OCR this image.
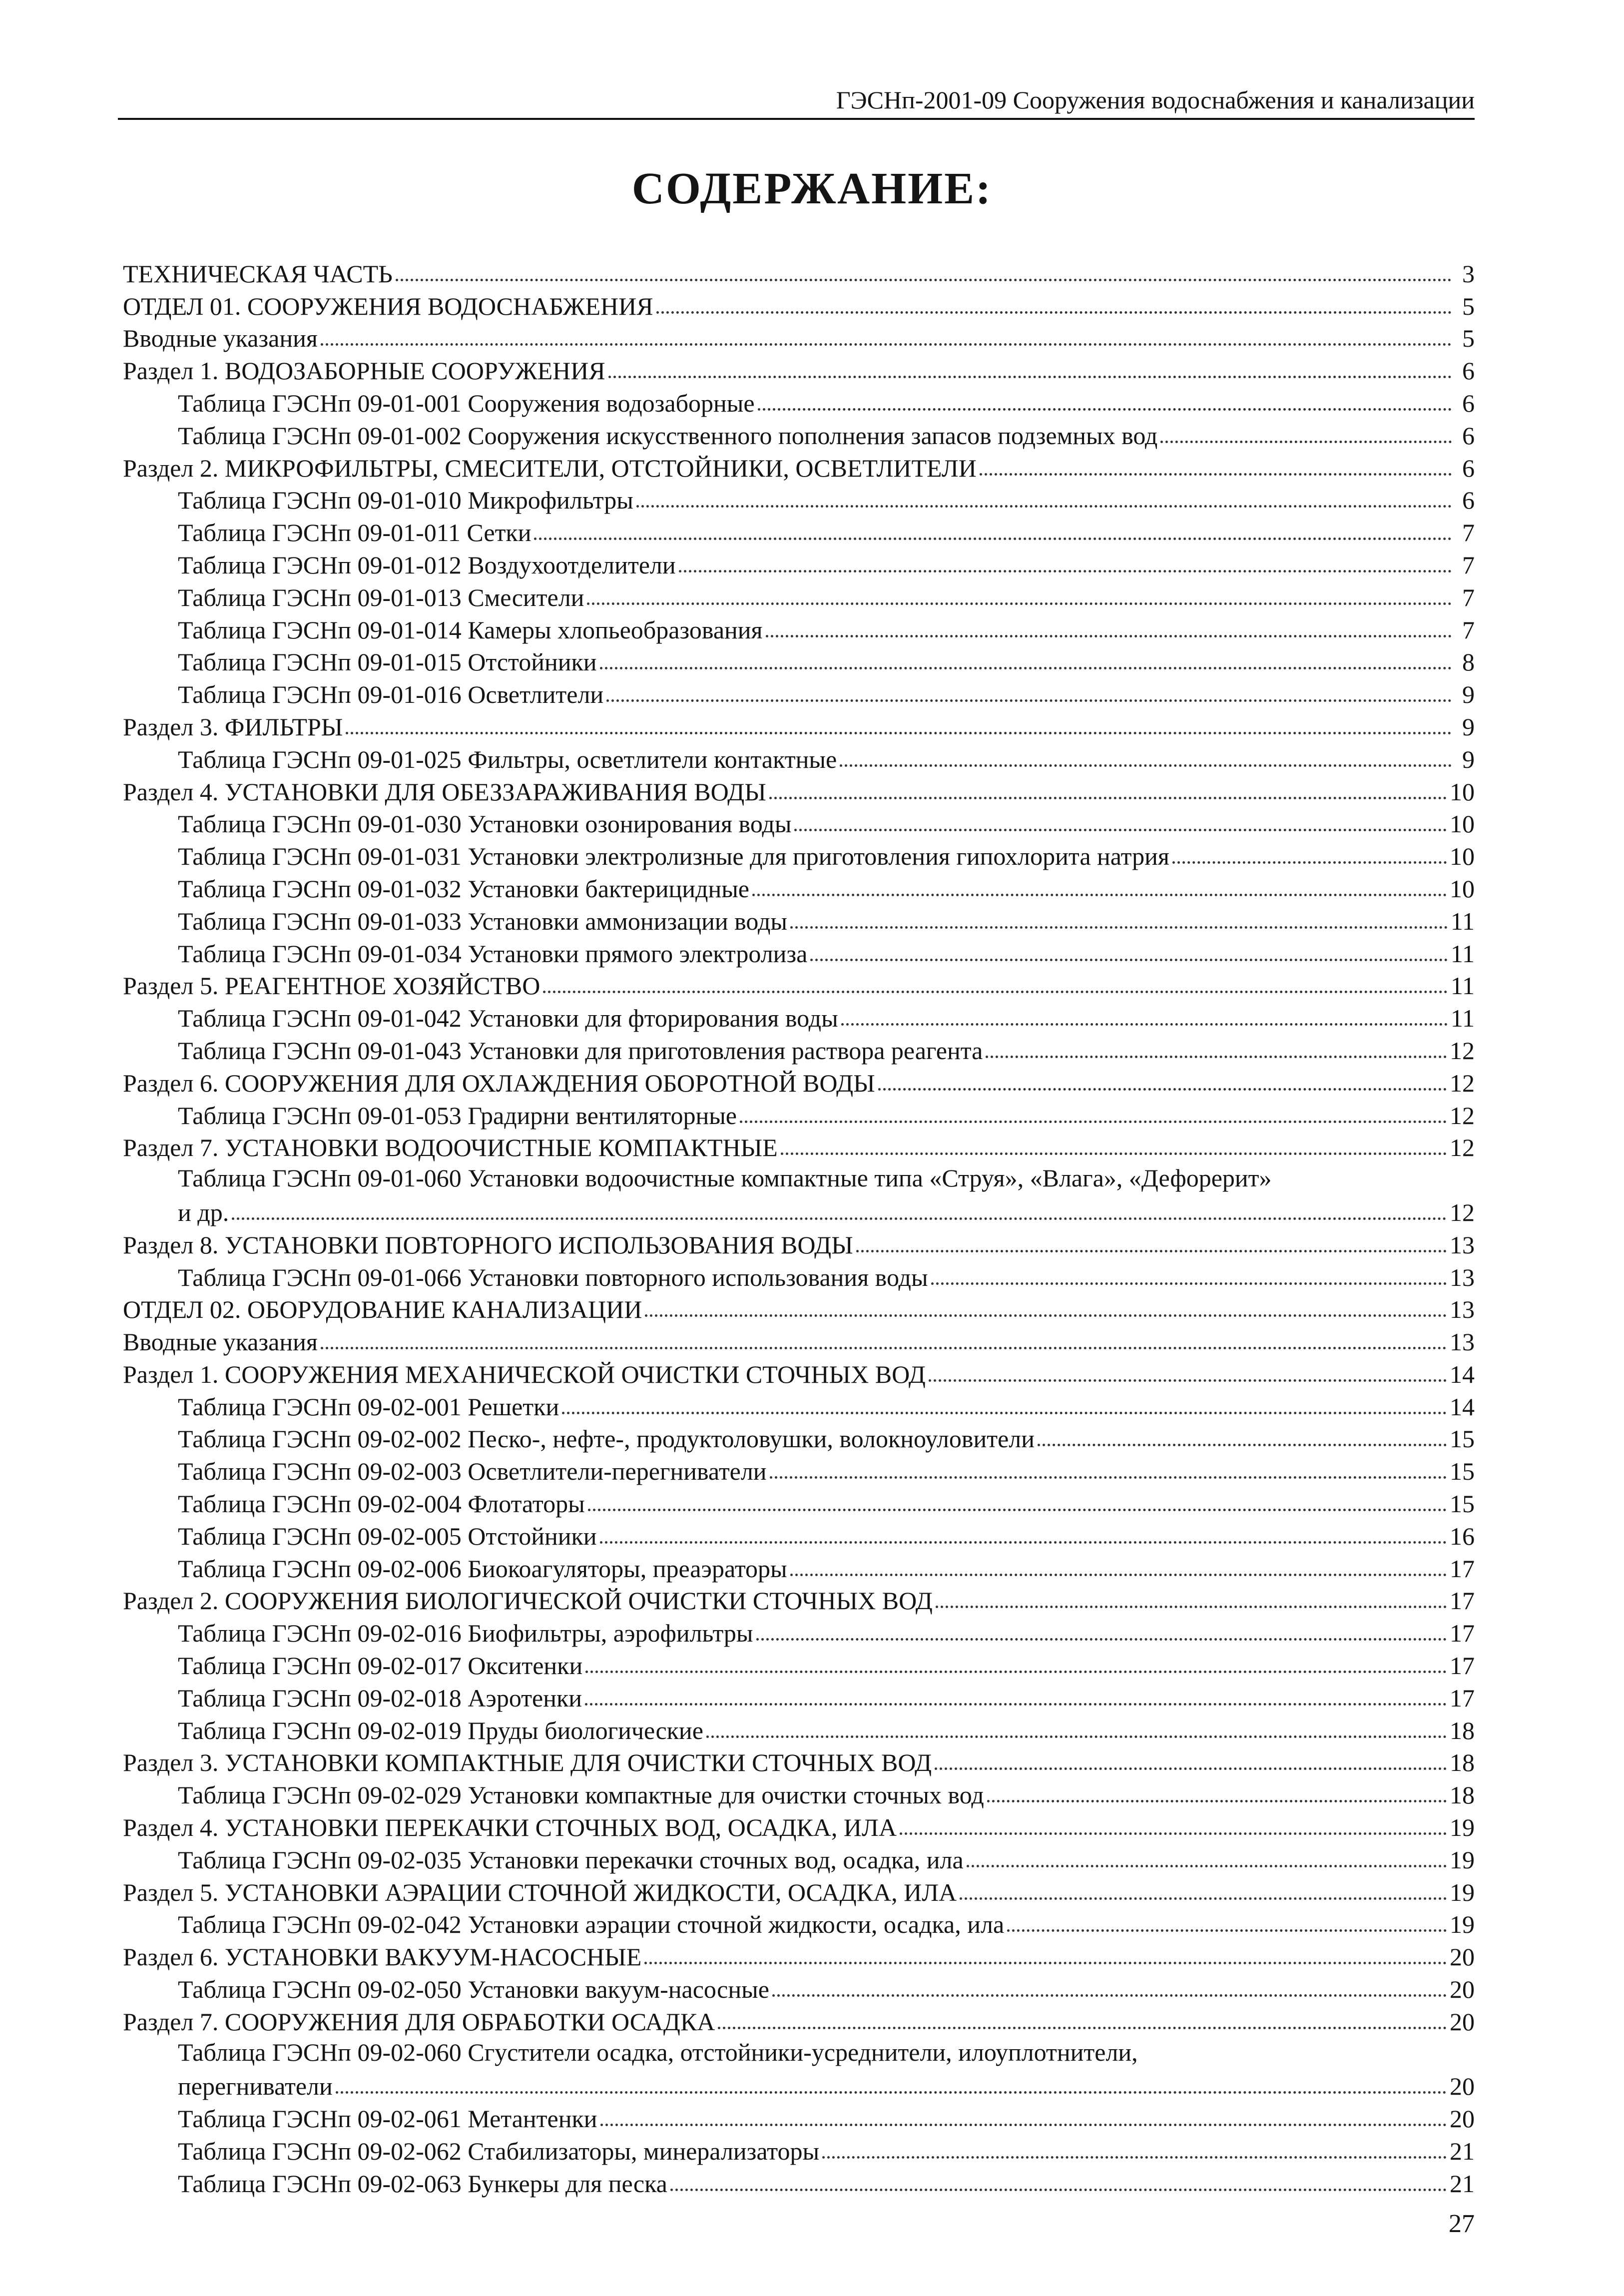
ГЭСНп-2001-09 Сооружения водоснабжения и канализации
СОДЕРЖАНИЕ:
ТЕХНИЧЕСКАЯ ЧАСТЬ	3
ОТДЕЛ 01. СООРУЖЕНИЯ ВОДОСНАБЖЕНИЯ	5
Вводные указания	5
Раздел 1. ВОДОЗАБОРНЫЕ СООРУЖЕНИЯ	6
Таблица ГЭСНп 09-01-001 Сооружения водозаборные	6
Таблица ГЭСНп 09-01-002 Сооружения искусственного пополнения запасов подземных вод	6
Раздел 2. МИКРОФИЛЬТРЫ, СМЕСИТЕЛИ, ОТСТОЙНИКИ, ОСВЕТЛИТЕЛИ	6
Таблица ГЭСНп 09-01-010 Микрофильтры	6
Таблица ГЭСНп 09-01-011 Сетки	7
Таблица ГЭСНп 09-01-012 Воздухоотделители	7
Таблица ГЭСНп 09-01-013 Смесители	7
Таблица ГЭСНп 09-01-014 Камеры хлопьеобразования	7
Таблица ГЭСНп 09-01-015 Отстойники	8
Таблица ГЭСНп 09-01-016 Осветлители	9
Раздел 3. ФИЛЬТРЫ	9
Таблица ГЭСНп 09-01-025 Фильтры, осветлители контактные	9
Раздел 4. УСТАНОВКИ ДЛЯ ОБЕЗЗАРАЖИВАНИЯ ВОДЫ	10
Таблица ГЭСНп 09-01-030 Установки озонирования воды	10
Таблица ГЭСНп 09-01-031 Установки электролизные для приготовления гипохлорита натрия	10
Таблица ГЭСНп 09-01-032 Установки бактерицидные	10
Таблица ГЭСНп 09-01-033 Установки аммонизации воды	11
Таблица ГЭСНп 09-01-034 Установки прямого электролиза	11
Раздел 5. РЕАГЕНТНОЕ ХОЗЯЙСТВО	11
Таблица ГЭСНп 09-01-042 Установки для фторирования воды	11
Таблица ГЭСНп 09-01-043 Установки для приготовления раствора реагента	12
Раздел 6. СООРУЖЕНИЯ ДЛЯ ОХЛАЖДЕНИЯ ОБОРОТНОЙ ВОДЫ	12
Таблица ГЭСНп 09-01-053 Градирни вентиляторные	12
Раздел 7. УСТАНОВКИ ВОДООЧИСТНЫЕ КОМПАКТНЫЕ	12
Таблица ГЭСНп 09-01-060 Установки водоочистные компактные типа «Струя», «Влага», «Дефорерит»
и др.	12
Раздел 8. УСТАНОВКИ ПОВТОРНОГО ИСПОЛЬЗОВАНИЯ ВОДЫ	13
Таблица ГЭСНп 09-01-066 Установки повторного использования воды	13
ОТДЕЛ 02. ОБОРУДОВАНИЕ КАНАЛИЗАЦИИ	13
Вводные указания	13
Раздел 1. СООРУЖЕНИЯ МЕХАНИЧЕСКОЙ ОЧИСТКИ СТОЧНЫХ ВОД	14
Таблица ГЭСНп 09-02-001 Решетки	14
Таблица ГЭСНп 09-02-002 Песко-, нефте-, продуктоловушки, волокноуловители	15
Таблица ГЭСНп 09-02-003 Осветлители-перегниватели	15
Таблица ГЭСНп 09-02-004 Флотаторы	15
Таблица ГЭСНп 09-02-005 Отстойники	16
Таблица ГЭСНп 09-02-006 Биокоагуляторы, преаэраторы	17
Раздел 2. СООРУЖЕНИЯ БИОЛОГИЧЕСКОЙ ОЧИСТКИ СТОЧНЫХ ВОД	17
Таблица ГЭСНп 09-02-016 Биофильтры, аэрофильтры	17
Таблица ГЭСНп 09-02-017 Окситенки	17
Таблица ГЭСНп 09-02-018 Аэротенки	17
Таблица ГЭСНп 09-02-019 Пруды биологические	18
Раздел 3. УСТАНОВКИ КОМПАКТНЫЕ ДЛЯ ОЧИСТКИ СТОЧНЫХ ВОД	18
Таблица ГЭСНп 09-02-029 Установки компактные для очистки сточных вод	18
Раздел 4. УСТАНОВКИ ПЕРЕКАЧКИ СТОЧНЫХ ВОД, ОСАДКА, ИЛА	19
Таблица ГЭСНп 09-02-035 Установки перекачки сточных вод, осадка, ила	19
Раздел 5. УСТАНОВКИ АЭРАЦИИ СТОЧНОЙ ЖИДКОСТИ, ОСАДКА, ИЛА	19
Таблица ГЭСНп 09-02-042 Установки аэрации сточной жидкости, осадка, ила	19
Раздел 6. УСТАНОВКИ ВАКУУМ-НАСОСНЫЕ	20
Таблица ГЭСНп 09-02-050 Установки вакуум-насосные	20
Раздел 7. СООРУЖЕНИЯ ДЛЯ ОБРАБОТКИ ОСАДКА	20
Таблица ГЭСНп 09-02-060 Сгустители осадка, отстойники-усреднители, илоуплотнители,
перегниватели	20
Таблица ГЭСНп 09-02-061 Метантенки	20
Таблица ГЭСНп 09-02-062 Стабилизаторы, минерализаторы	21
Таблица ГЭСНп 09-02-063 Бункеры для песка	21
27
